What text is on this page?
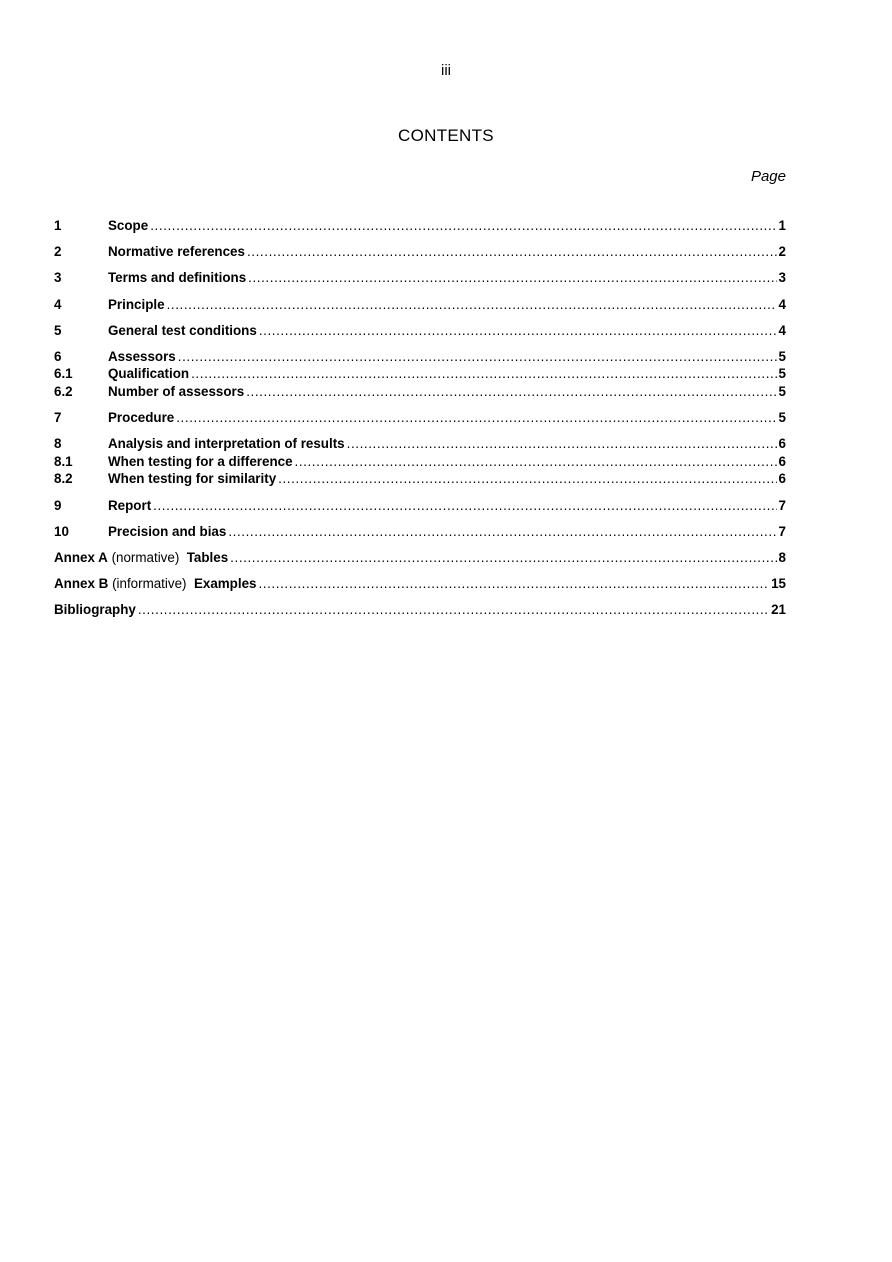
iii
CONTENTS
Page
1	Scope .....	1
2	Normative references .....	2
3	Terms and definitions .....	3
4	Principle .....	4
5	General test conditions .....	4
6	Assessors .....	5
6.1	Qualification .....	5
6.2	Number of assessors .....	5
7	Procedure .....	5
8	Analysis and interpretation of results .....	6
8.1	When testing for a difference .....	6
8.2	When testing for similarity .....	6
9	Report .....	7
10	Precision and bias .....	7
Annex A (normative) Tables .....	8
Annex B (informative) Examples .....	15
Bibliography .....	21
